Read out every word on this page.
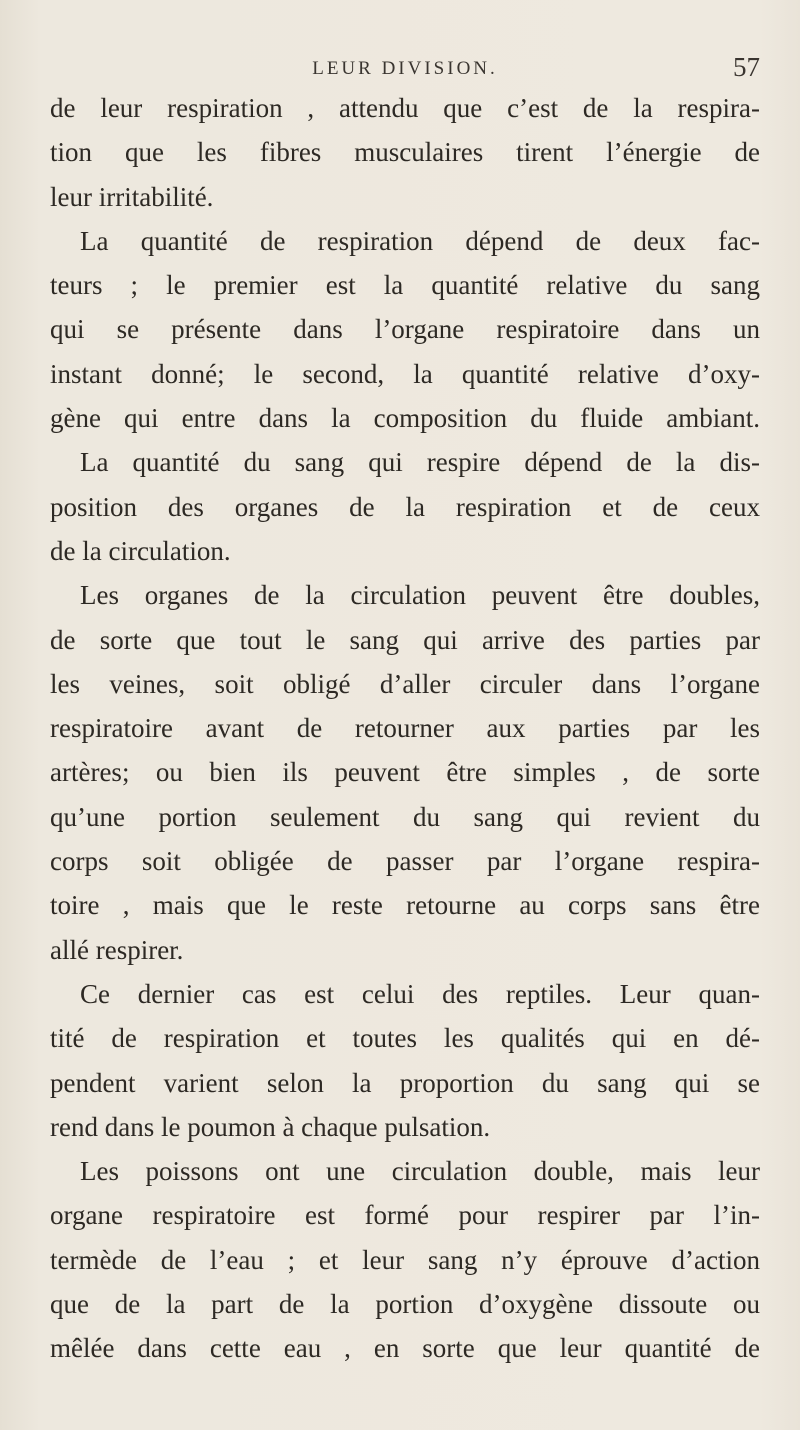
LEUR DIVISION.	57
de leur respiration , attendu que c’est de la respira-
tion que les fibres musculaires tirent l’énergie de
leur irritabilité.
La quantité de respiration dépend de deux fac-
teurs ; le premier est la quantité relative du sang
qui se présente dans l’organe respiratoire dans un
instant donné; le second, la quantité relative d’oxy-
gène qui entre dans la composition du fluide ambiant.
La quantité du sang qui respire dépend de la dis-
position des organes de la respiration et de ceux
de la circulation.
Les organes de la circulation peuvent être doubles,
de sorte que tout le sang qui arrive des parties par
les veines, soit obligé d’aller circuler dans l’organe
respiratoire avant de retourner aux parties par les
artères; ou bien ils peuvent être simples , de sorte
qu’une portion seulement du sang qui revient du
corps soit obligée de passer par l’organe respira-
toire , mais que le reste retourne au corps sans être
allé respirer.
Ce dernier cas est celui des reptiles. Leur quan-
tité de respiration et toutes les qualités qui en dé-
pendent varient selon la proportion du sang qui se
rend dans le poumon à chaque pulsation.
Les poissons ont une circulation double, mais leur
organe respiratoire est formé pour respirer par l’in-
termède de l’eau ; et leur sang n’y éprouve d’action
que de la part de la portion d’oxygène dissoute ou
mêlée dans cette eau , en sorte que leur quantité de
